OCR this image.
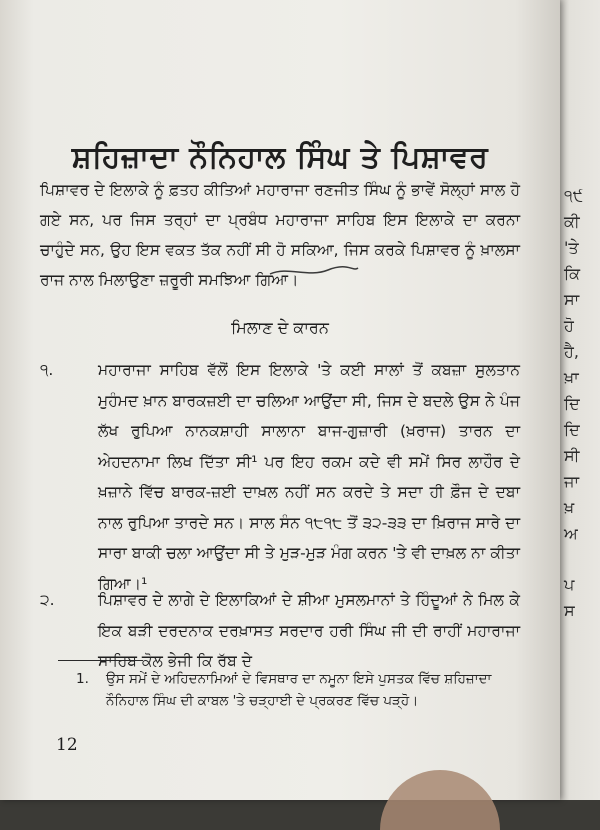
੧੯
ਕੀ
'ਤੇ
ਕਿ
ਸਾ
ਹੋ
ਹੈ,
ਖ਼ਾ
ਦਿ
ਦਿ
ਸੀ
ਜਾ
ਖ਼
ਅ
ਪ
ਸ
ਸ਼ਹਿਜ਼ਾਦਾ ਨੌਨਿਹਾਲ ਸਿੰਘ ਤੇ ਪਿਸ਼ਾਵਰ

ਪਿਸ਼ਾਵਰ ਦੇ ਇਲਾਕੇ ਨੂੰ ਫ਼ਤਹ ਕੀਤਿਆਂ ਮਹਾਰਾਜਾ ਰਣਜੀਤ ਸਿੰਘ ਨੂੰ ਭਾਵੇਂ ਸੋਲ੍ਹਾਂ ਸਾਲ ਹੋ ਗਏ ਸਨ, ਪਰ ਜਿਸ ਤਰ੍ਹਾਂ ਦਾ ਪ੍ਰਬੰਧ ਮਹਾਰਾਜਾ ਸਾਹਿਬ ਇਸ ਇਲਾਕੇ ਦਾ ਕਰਨਾ ਚਾਹੁੰਦੇ ਸਨ, ਉਹ ਇਸ ਵਕਤ ਤੱਕ ਨਹੀਂ ਸੀ ਹੋ ਸਕਿਆ, ਜਿਸ ਕਰਕੇ ਪਿਸ਼ਾਵਰ ਨੂੰ ਖ਼ਾਲਸਾ ਰਾਜ ਨਾਲ ਮਿਲਾਉਣਾ ਜ਼ਰੂਰੀ ਸਮਝਿਆ ਗਿਆ।

ਮਿਲਾਣ ਦੇ ਕਾਰਨ
੧.	ਮਹਾਰਾਜਾ ਸਾਹਿਬ ਵੱਲੋਂ ਇਸ ਇਲਾਕੇ 'ਤੇ ਕਈ ਸਾਲਾਂ ਤੋਂ ਕਬਜ਼ਾ ਸੁਲਤਾਨ ਮੁਹੰਮਦ ਖ਼ਾਨ ਬਾਰਕਜ਼ਈ ਦਾ ਚਲਿਆ ਆਉਂਦਾ ਸੀ, ਜਿਸ ਦੇ ਬਦਲੇ ਉਸ ਨੇ ਪੰਜ ਲੱਖ ਰੁਪਿਆ ਨਾਨਕਸ਼ਾਹੀ ਸਾਲਾਨਾ ਬਾਜ-ਗੁਜ਼ਾਰੀ (ਖ਼ਰਾਜ) ਤਾਰਨ ਦਾ ਅੇਹਦਨਾਮਾ ਲਿਖ ਦਿੱਤਾ ਸੀ¹ ਪਰ ਇਹ ਰਕਮ ਕਦੇ ਵੀ ਸਮੇਂ ਸਿਰ ਲਾਹੌਰ ਦੇ ਖ਼ਜ਼ਾਨੇ ਵਿੱਚ ਬਾਰਕ-ਜ਼ਈ ਦਾਖ਼ਲ ਨਹੀਂ ਸਨ ਕਰਦੇ ਤੇ ਸਦਾ ਹੀ ਫ਼ੌਜ ਦੇ ਦਬਾ ਨਾਲ ਰੁਪਿਆ ਤਾਰਦੇ ਸਨ। ਸਾਲ ਸੰਨ ੧੮੧੮ ਤੋਂ ੩੨-੩੩ ਦਾ ਖ਼ਿਰਾਜ ਸਾਰੇ ਦਾ ਸਾਰਾ ਬਾਕੀ ਚਲਾ ਆਉਂਦਾ ਸੀ ਤੇ ਮੁੜ-ਮੁੜ ਮੰਗ ਕਰਨ 'ਤੇ ਵੀ ਦਾਖ਼ਲ ਨਾ ਕੀਤਾ ਗਿਆ।¹
੨.	ਪਿਸ਼ਾਵਰ ਦੇ ਲਾਗੇ ਦੇ ਇਲਾਕਿਆਂ ਦੇ ਸ਼ੀਆ ਮੁਸਲਮਾਨਾਂ ਤੇ ਹਿੰਦੂਆਂ ਨੇ ਮਿਲ ਕੇ ਇਕ ਬੜੀ ਦਰਦਨਾਕ ਦਰਖ਼ਾਸਤ ਸਰਦਾਰ ਹਰੀ ਸਿੰਘ ਜੀ ਦੀ ਰਾਹੀਂ ਮਹਾਰਾਜਾ ਸਾਹਿਬ ਕੋਲ ਭੇਜੀ ਕਿ ਰੱਬ ਦੇ
1. ਉਸ ਸਮੇਂ ਦੇ ਅਹਿਦਨਾਮਿਆਂ ਦੇ ਵਿਸਥਾਰ ਦਾ ਨਮੂਨਾ ਇਸੇ ਪੁਸਤਕ ਵਿੱਚ ਸ਼ਹਿਜ਼ਾਦਾ ਨੌਨਿਹਾਲ ਸਿੰਘ ਦੀ ਕਾਬਲ 'ਤੇ ਚੜ੍ਹਾਈ ਦੇ ਪ੍ਰਕਰਣ ਵਿੱਚ ਪੜ੍ਹੋ।
12
